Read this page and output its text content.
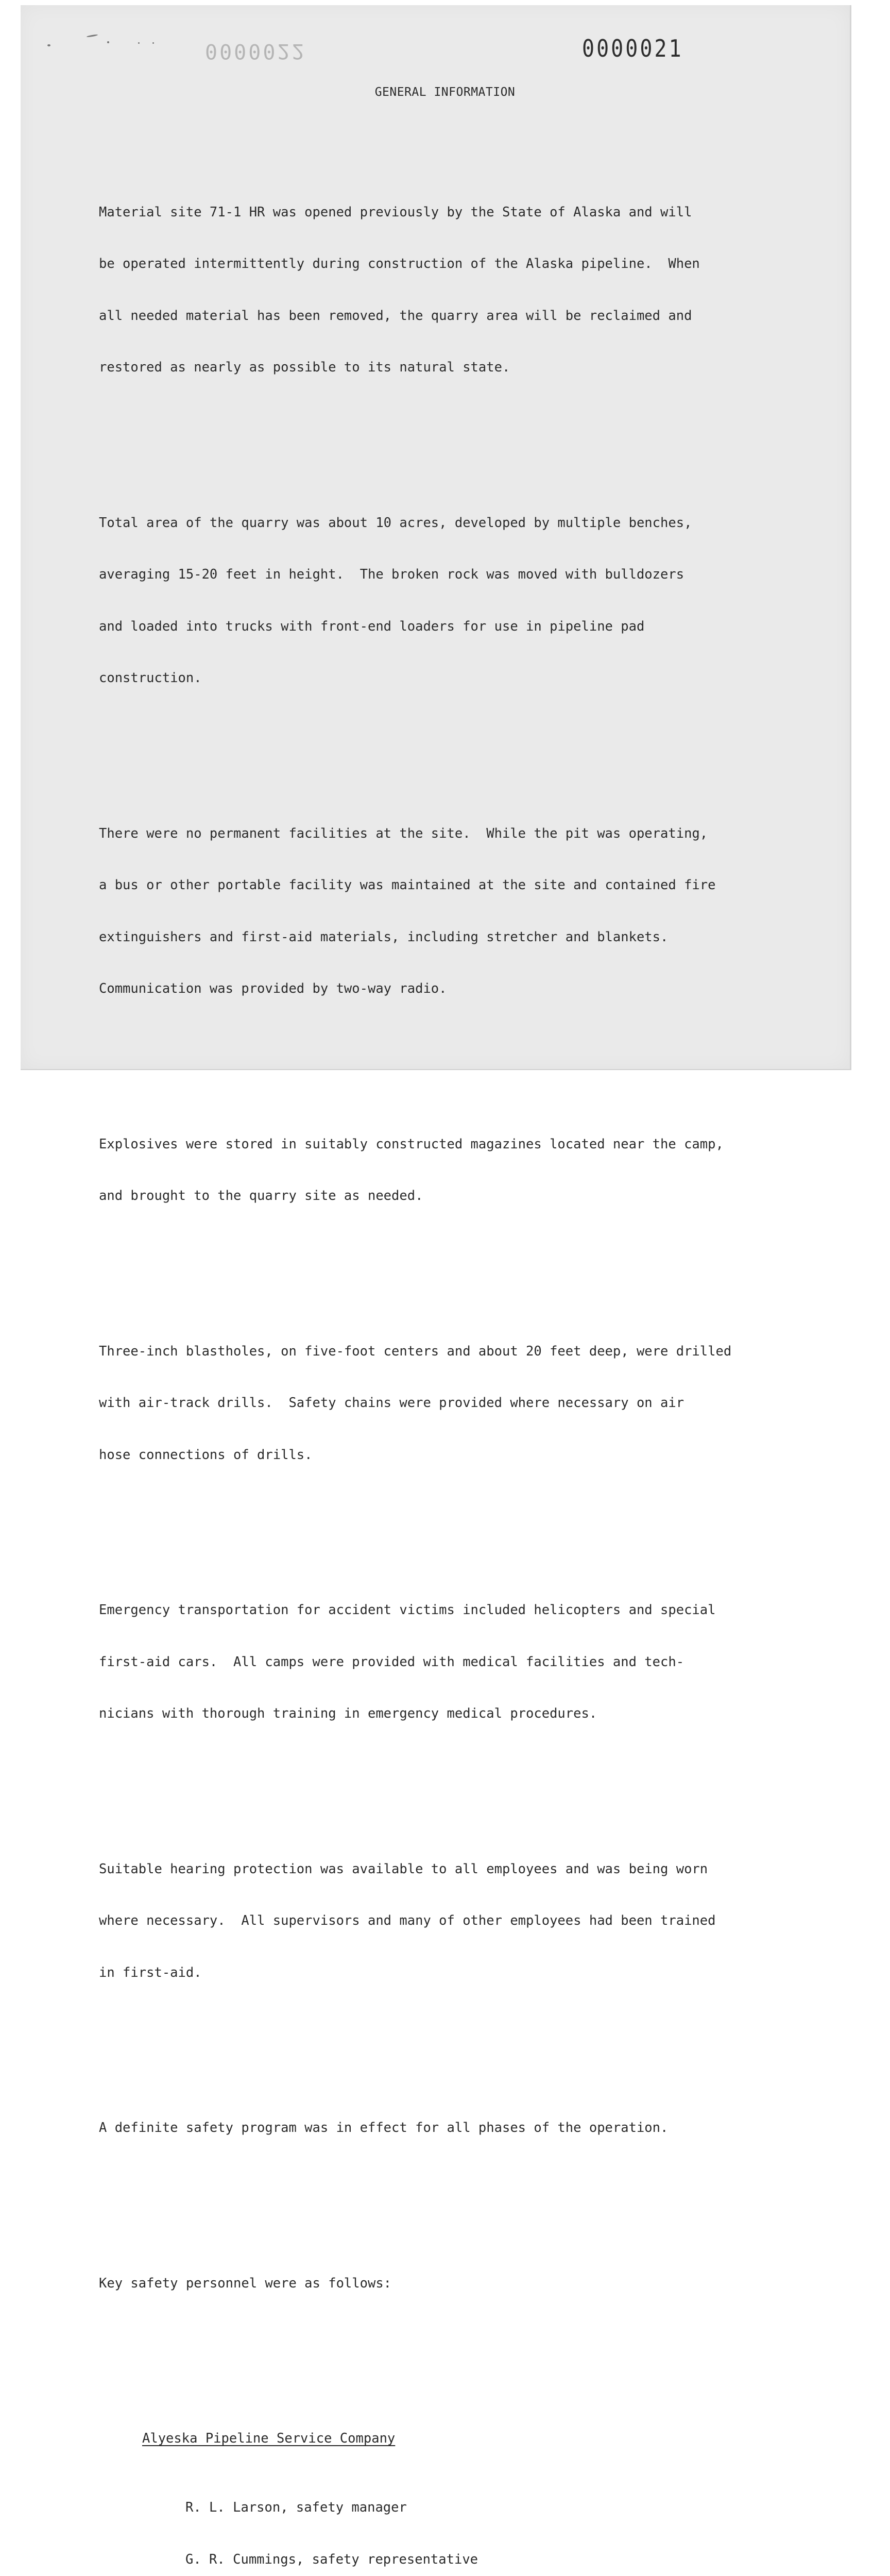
0000022	0000021
GENERAL INFORMATION

Material site 71-1 HR was opened previously by the State of Alaska and will

be operated intermittently during construction of the Alaska pipeline.  When

all needed material has been removed, the quarry area will be reclaimed and

restored as nearly as possible to its natural state.

Total area of the quarry was about 10 acres, developed by multiple benches,

averaging 15-20 feet in height.  The broken rock was moved with bulldozers

and loaded into trucks with front-end loaders for use in pipeline pad

construction.

There were no permanent facilities at the site.  While the pit was operating,

a bus or other portable facility was maintained at the site and contained fire

extinguishers and first-aid materials, including stretcher and blankets.

Communication was provided by two-way radio.

Explosives were stored in suitably constructed magazines located near the camp,

and brought to the quarry site as needed.

Three-inch blastholes, on five-foot centers and about 20 feet deep, were drilled

with air-track drills.  Safety chains were provided where necessary on air

hose connections of drills.

Emergency transportation for accident victims included helicopters and special

first-aid cars.  All camps were provided with medical facilities and tech-

nicians with thorough training in emergency medical procedures.

Suitable hearing protection was available to all employees and was being worn

where necessary.  All supervisors and many of other employees had been trained

in first-aid.

A definite safety program was in effect for all phases of the operation.

Key safety personnel were as follows:

Alyeska Pipeline Service Company

R. L. Larson, safety manager

G. R. Cummings, safety representative
